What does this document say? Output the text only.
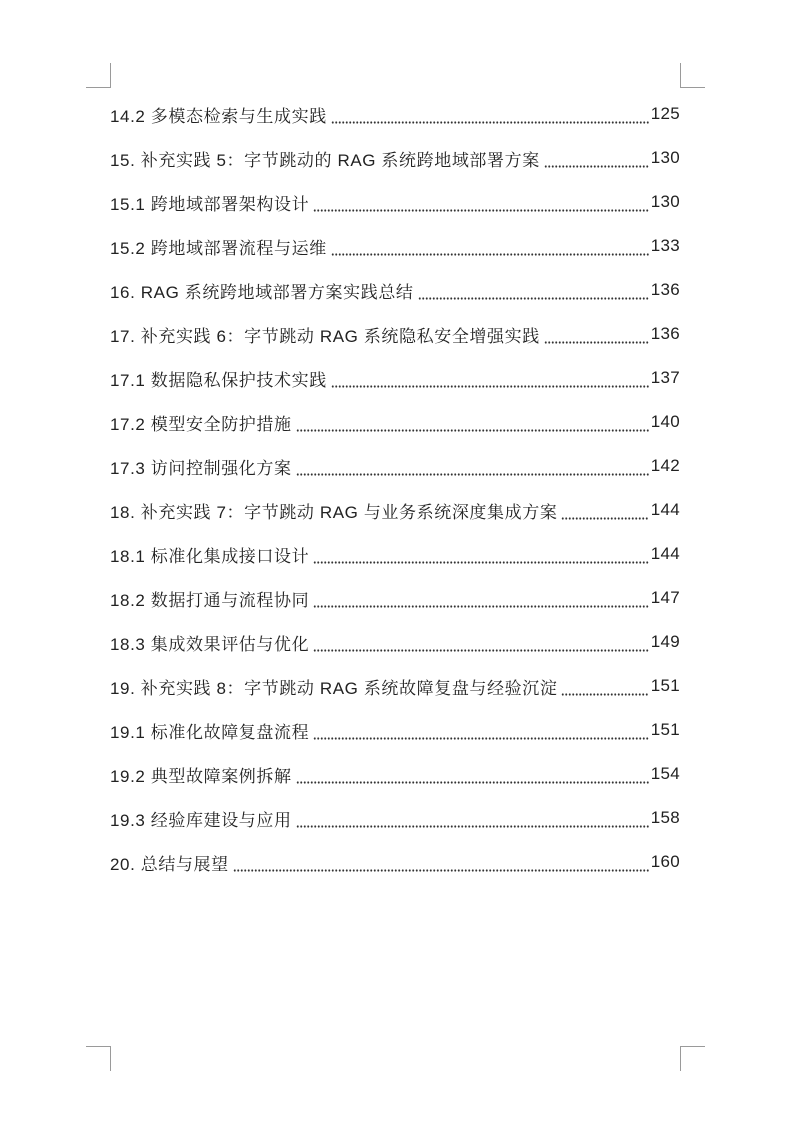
14.2 多模态检索与生成实践	125
15. 补充实践 5：字节跳动的 RAG 系统跨地域部署方案	130
15.1 跨地域部署架构设计	130
15.2 跨地域部署流程与运维	133
16. RAG 系统跨地域部署方案实践总结	136
17. 补充实践 6：字节跳动 RAG 系统隐私安全增强实践	136
17.1 数据隐私保护技术实践	137
17.2 模型安全防护措施	140
17.3 访问控制强化方案	142
18. 补充实践 7：字节跳动 RAG 与业务系统深度集成方案	144
18.1 标准化集成接口设计	144
18.2 数据打通与流程协同	147
18.3 集成效果评估与优化	149
19. 补充实践 8：字节跳动 RAG 系统故障复盘与经验沉淀	151
19.1 标准化故障复盘流程	151
19.2 典型故障案例拆解	154
19.3 经验库建设与应用	158
20. 总结与展望	160
